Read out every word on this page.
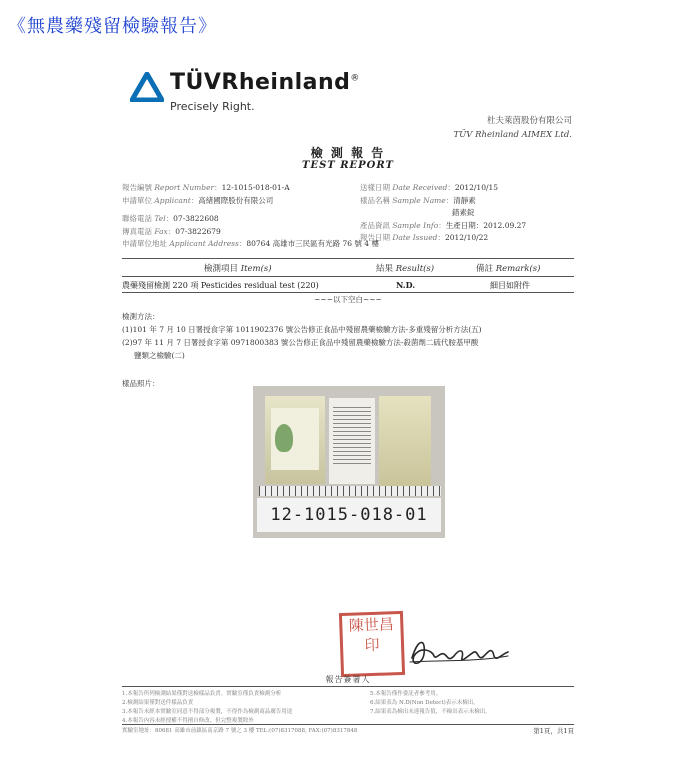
《無農藥殘留檢驗報告》
TÜVRheinland®
Precisely Right.
杜夫萊茵股份有限公司
TÜV Rheinland AIMEX Ltd.
檢 測 報 告
TEST REPORT
報告編號 Report Number：12-1015-018-01-A
申請單位 Applicant：高緒國際股份有限公司
聯絡電話 Tel：07-3822608
傳真電話 Fax：07-3822679
申請單位地址 Applicant Address：80764 高雄市三民區有光路 76 號 4 樓
送樣日期 Date Received：2012/10/15
樣品名稱 Sample Name：清靜素
錯素錠
產品資訊 Sample Info：生產日期：2012.09.27
報告日期 Date Issued：2012/10/22
檢測項目 Item(s)	結果 Result(s)	備註 Remark(s)
農藥殘留檢測 220 項 Pesticides residual test (220)	N.D.	細目如附件
~~~以下空白~~~
檢測方法：
(1)101 年 7 月 10 日署授食字第 1011902376 號公告修正食品中殘留農藥檢驗方法-多重殘留分析方法(五)
(2)97 年 11 月 7 日署授食字第 0971800383 號公告修正食品中殘留農藥檢驗方法-殺菌劑二硫代胺基甲酸
鹽類之檢驗(二)
樣品照片：
12-1015-018-01
陳世昌印
報告簽署人
1.本報告所列檢測結果僅對送檢樣品負責。實驗室僅負責檢測分析
2.檢測結果僅對送件樣品負責
3.本報告未經本實驗室同意不得部分複製，不得作為檢測商品廣告用途
4.本報告內容未經授權不得擅自修改、但完整複製除外
5.本報告僅作委託者參考用。
6.結果表為 N.D(Non Detect)表示未檢出。
7.結果表為檢出未達報告值，不檢出表示未檢出。
實驗室地址：80681 高雄市前鎮區南京路 7 號之 3 樓 TEL:(07)8317088, FAX:(07)8317848	第1頁，共1頁
